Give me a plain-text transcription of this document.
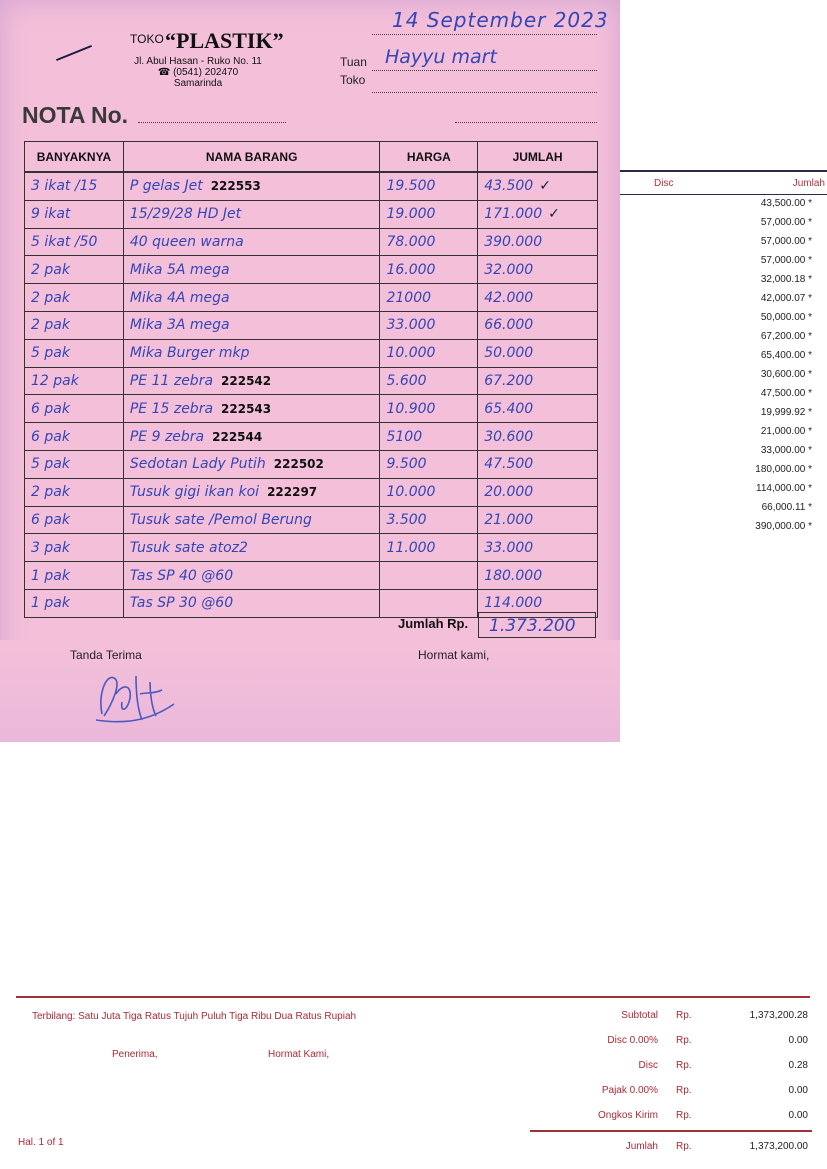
Disc	Jumlah
43,500.00 *
57,000.00 *
57,000.00 *
57,000.00 *
32,000.18 *
42,000.07 *
50,000.00 *
67,200.00 *
65,400.00 *
30,600.00 *
47,500.00 *
19,999.92 *
21,000.00 *
33,000.00 *
180,000.00 *
114,000.00 *
66,000.11 *
390,000.00 *
TOKO “PLASTIK”
Jl. Abul Hasan - Ruko No. 11
☎ (0541) 202470
Samarinda
14 September 2023
Tuan Hayyu mart
Toko
NOTA No.
BANYAKNYA	NAMA BARANG	HARGA	JUMLAH
3 ikat /15	P gelas Jet 222553	19.500	43.500 ✓
9 ikat	15/29/28 HD Jet	19.000	171.000 ✓
5 ikat /50	40 queen warna	78.000	390.000
2 pak	Mika 5A mega	16.000	32.000
2 pak	Mika 4A mega	21000	42.000
2 pak	Mika 3A mega	33.000	66.000
5 pak	Mika Burger mkp	10.000	50.000
12 pak	PE 11 zebra 222542	5.600	67.200
6 pak	PE 15 zebra 222543	10.900	65.400
6 pak	PE 9 zebra 222544	5100	30.600
5 pak	Sedotan Lady Putih 222502	9.500	47.500
2 pak	Tusuk gigi ikan koi 222297	10.000	20.000
6 pak	Tusuk sate /Pemol Berung	3.500	21.000
3 pak	Tusuk sate atoz2	11.000	33.000
1 pak	Tas SP 40 @60		180.000
1 pak	Tas SP 30 @60		114.000
Jumlah Rp.	1.373.200
Tanda Terima	Hormat kami,
Terbilang: Satu Juta Tiga Ratus Tujuh Puluh Tiga Ribu Dua Ratus Rupiah
Penerima,	Hormat Kami,
Hal. 1 of 1
Subtotal Rp.	1,373,200.28
Disc 0.00% Rp.	0.00
Disc Rp.	0.28
Pajak 0.00% Rp.	0.00
Ongkos Kirim Rp.	0.00
Jumlah Rp.	1,373,200.00
